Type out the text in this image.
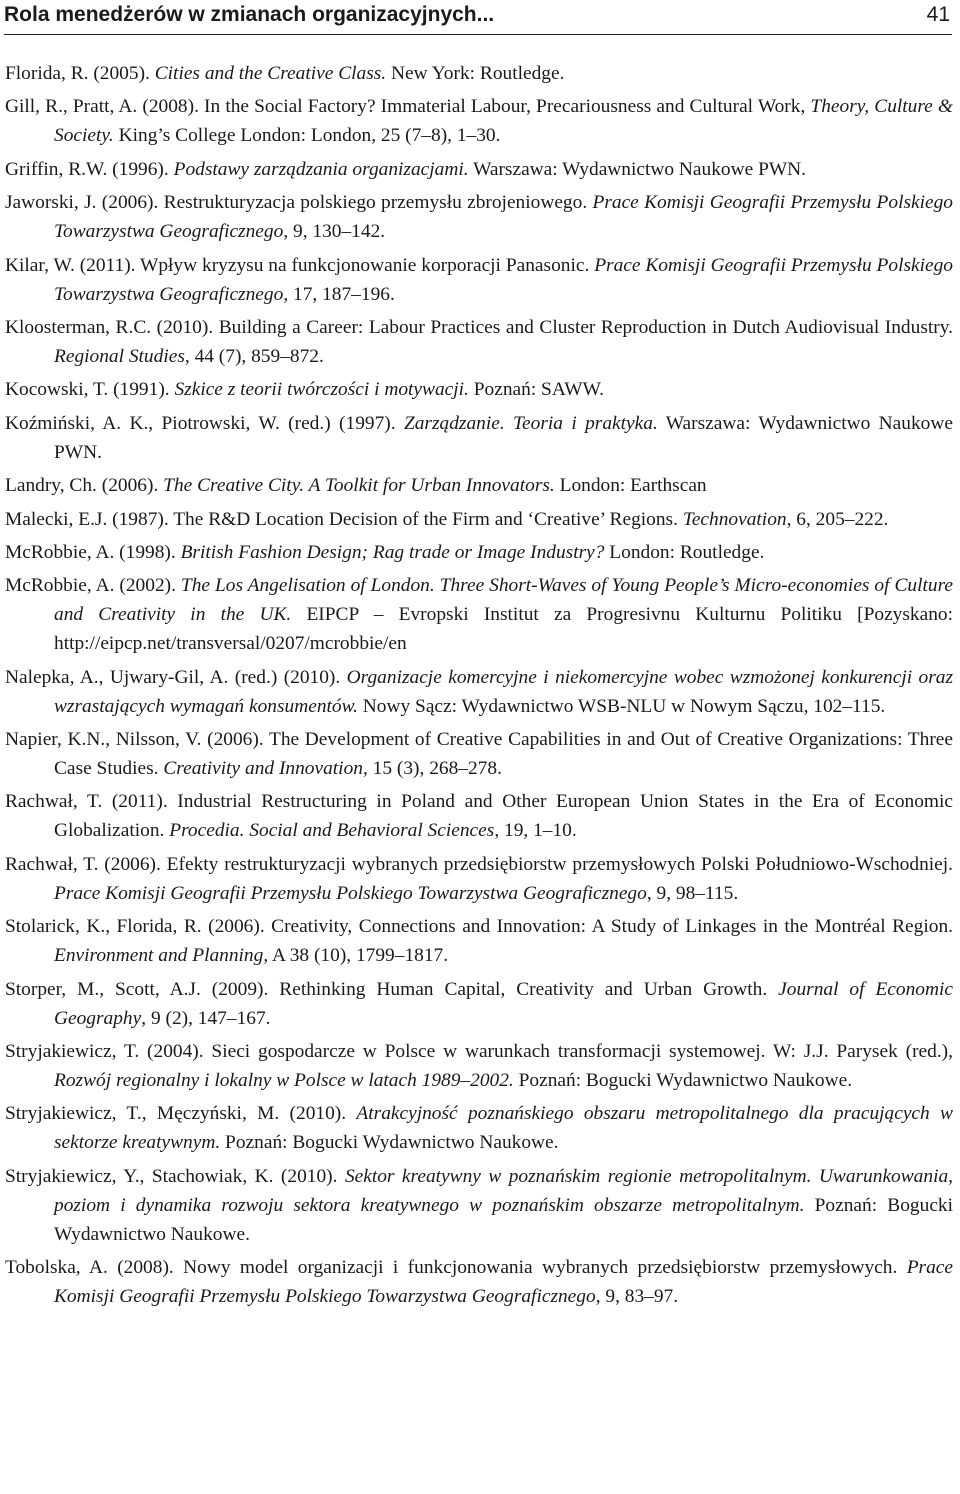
Rola menedżerów w zmianach organizacyjnych...	41

Florida, R. (2005). Cities and the Creative Class. New York: Routledge.

Gill, R., Pratt, A. (2008). In the Social Factory? Immaterial Labour, Precariousness and Cultural Work, Theory, Culture & Society. King’s College London: London, 25 (7–8), 1–30.

Griffin, R.W. (1996). Podstawy zarządzania organizacjami. Warszawa: Wydawnictwo Naukowe PWN.

Jaworski, J. (2006). Restrukturyzacja polskiego przemysłu zbrojeniowego. Prace Komisji Geografii Przemysłu Polskiego Towarzystwa Geograficznego, 9, 130–142.

Kilar, W. (2011). Wpływ kryzysu na funkcjonowanie korporacji Panasonic. Prace Komisji Geografii Przemysłu Polskiego Towarzystwa Geograficznego, 17, 187–196.

Kloosterman, R.C. (2010). Building a Career: Labour Practices and Cluster Reproduction in Dutch Audiovisual Industry. Regional Studies, 44 (7), 859–872.

Kocowski, T. (1991). Szkice z teorii twórczości i motywacji. Poznań: SAWW.

Koźmiński, A. K., Piotrowski, W. (red.) (1997). Zarządzanie. Teoria i praktyka. Warszawa: Wydawnictwo Naukowe PWN.

Landry, Ch. (2006). The Creative City. A Toolkit for Urban Innovators. London: Earthscan

Malecki, E.J. (1987). The R&D Location Decision of the Firm and ‘Creative’ Regions. Technovation, 6, 205–222.

McRobbie, A. (1998). British Fashion Design; Rag trade or Image Industry? London: Routledge.

McRobbie, A. (2002). The Los Angelisation of London. Three Short-Waves of Young People’s Micro-economies of Culture and Creativity in the UK. EIPCP – Evropski Institut za Progresivnu Kulturnu Politiku [Pozyskano: http://eipcp.net/transversal/0207/mcrobbie/en

Nalepka, A., Ujwary-Gil, A. (red.) (2010). Organizacje komercyjne i niekomercyjne wobec wzmożonej konkurencji oraz wzrastających wymagań konsumentów. Nowy Sącz: Wydawnictwo WSB-NLU w Nowym Sączu, 102–115.

Napier, K.N., Nilsson, V. (2006). The Development of Creative Capabilities in and Out of Creative Organizations: Three Case Studies. Creativity and Innovation, 15 (3), 268–278.

Rachwał, T. (2011). Industrial Restructuring in Poland and Other European Union States in the Era of Economic Globalization. Procedia. Social and Behavioral Sciences, 19, 1–10.

Rachwał, T. (2006). Efekty restrukturyzacji wybranych przedsiębiorstw przemysłowych Polski Południowo-Wschodniej. Prace Komisji Geografii Przemysłu Polskiego Towarzystwa Geograficznego, 9, 98–115.

Stolarick, K., Florida, R. (2006). Creativity, Connections and Innovation: A Study of Linkages in the Montréal Region. Environment and Planning, A 38 (10), 1799–1817.

Storper, M., Scott, A.J. (2009). Rethinking Human Capital, Creativity and Urban Growth. Journal of Economic Geography, 9 (2), 147–167.

Stryjakiewicz, T. (2004). Sieci gospodarcze w Polsce w warunkach transformacji systemowej. W: J.J. Parysek (red.), Rozwój regionalny i lokalny w Polsce w latach 1989–2002. Poznań: Bogucki Wydawnictwo Naukowe.

Stryjakiewicz, T., Męczyński, M. (2010). Atrakcyjność poznańskiego obszaru metropolitalnego dla pracujących w sektorze kreatywnym. Poznań: Bogucki Wydawnictwo Naukowe.

Stryjakiewicz, Y., Stachowiak, K. (2010). Sektor kreatywny w poznańskim regionie metropolitalnym. Uwarunkowania, poziom i dynamika rozwoju sektora kreatywnego w poznańskim obszarze metropolitalnym. Poznań: Bogucki Wydawnictwo Naukowe.

Tobolska, A. (2008). Nowy model organizacji i funkcjonowania wybranych przedsiębiorstw przemysłowych. Prace Komisji Geografii Przemysłu Polskiego Towarzystwa Geograficznego, 9, 83–97.
